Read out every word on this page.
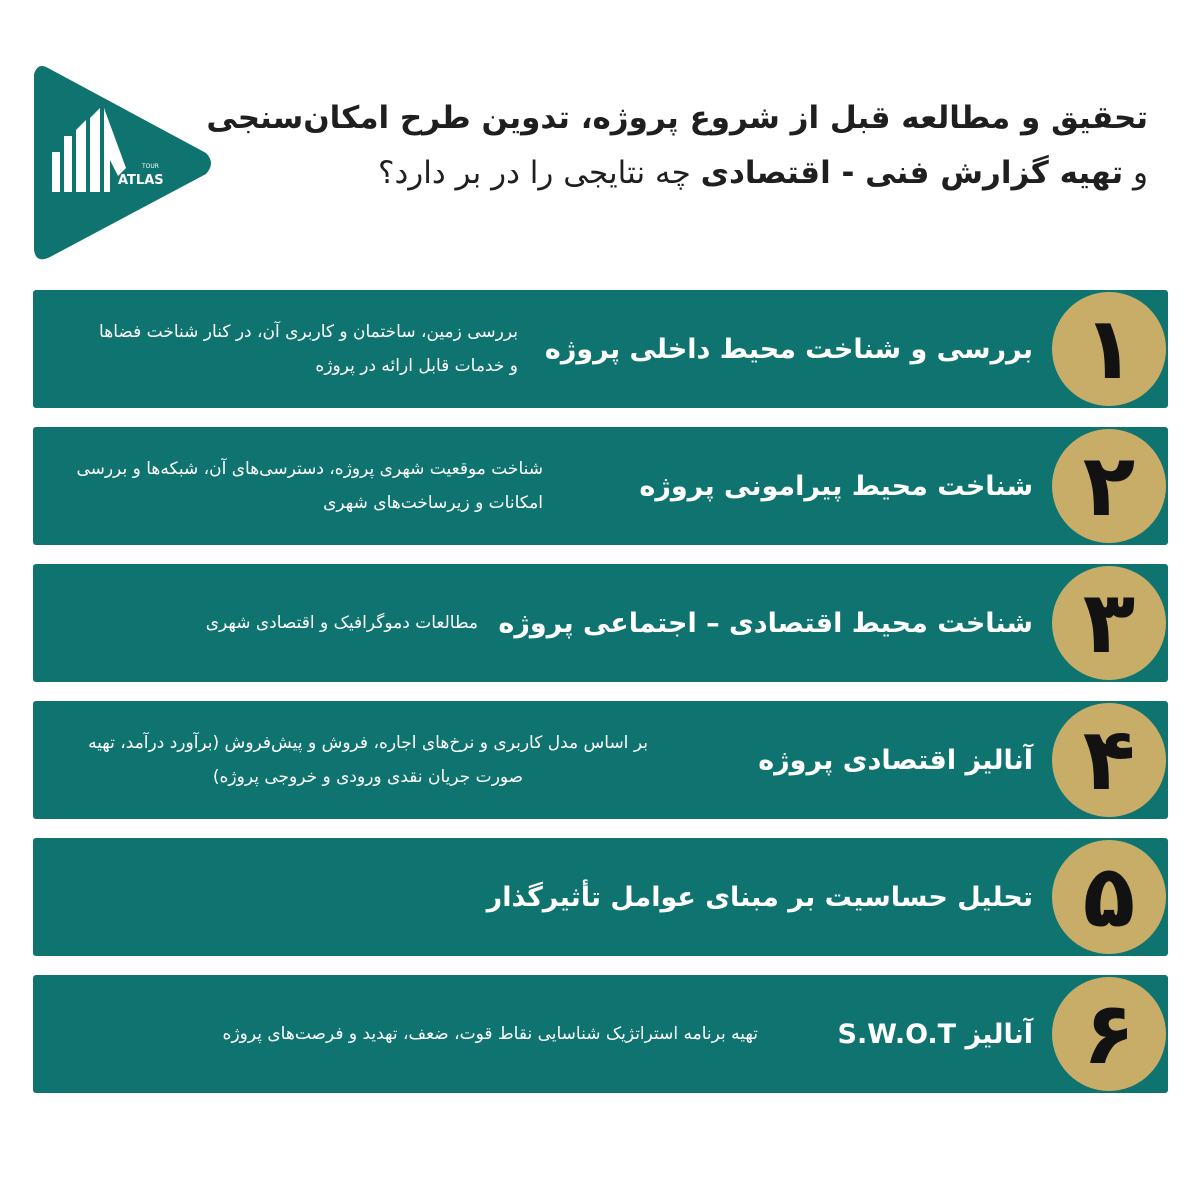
TOUR
ATLAS
تحقیق و مطالعه قبل از شروع پروژه، تدوین طرح امکان‌سنجی
و تهیه گزارش فنی - اقتصادی چه نتایجی را در بر دارد؟
۱
بررسی و شناخت محیط داخلی پروژه
بررسی زمین، ساختمان و کاربری آن، در کنار شناخت فضاها و خدمات قابل ارائه در پروژه
۲
شناخت محیط پیرامونی پروژه
شناخت موقعیت شهری پروژه، دسترسی‌های آن، شبکه‌ها و بررسی امکانات و زیرساخت‌های شهری
۳
شناخت محیط اقتصادی – اجتماعی پروژه
مطالعات دموگرافیک و اقتصادی شهری
۴
آنالیز اقتصادی پروژه
بر اساس مدل کاربری و نرخ‌های اجاره، فروش و پیش‌فروش (برآورد درآمد، تهیه صورت جریان نقدی ورودی و خروجی پروژه)
۵
تحلیل حساسیت بر مبنای عوامل تأثیرگذار
۶
آنالیز S.W.O.T
تهیه برنامه استراتژیک شناسایی نقاط قوت، ضعف، تهدید و فرصت‌های پروژه
